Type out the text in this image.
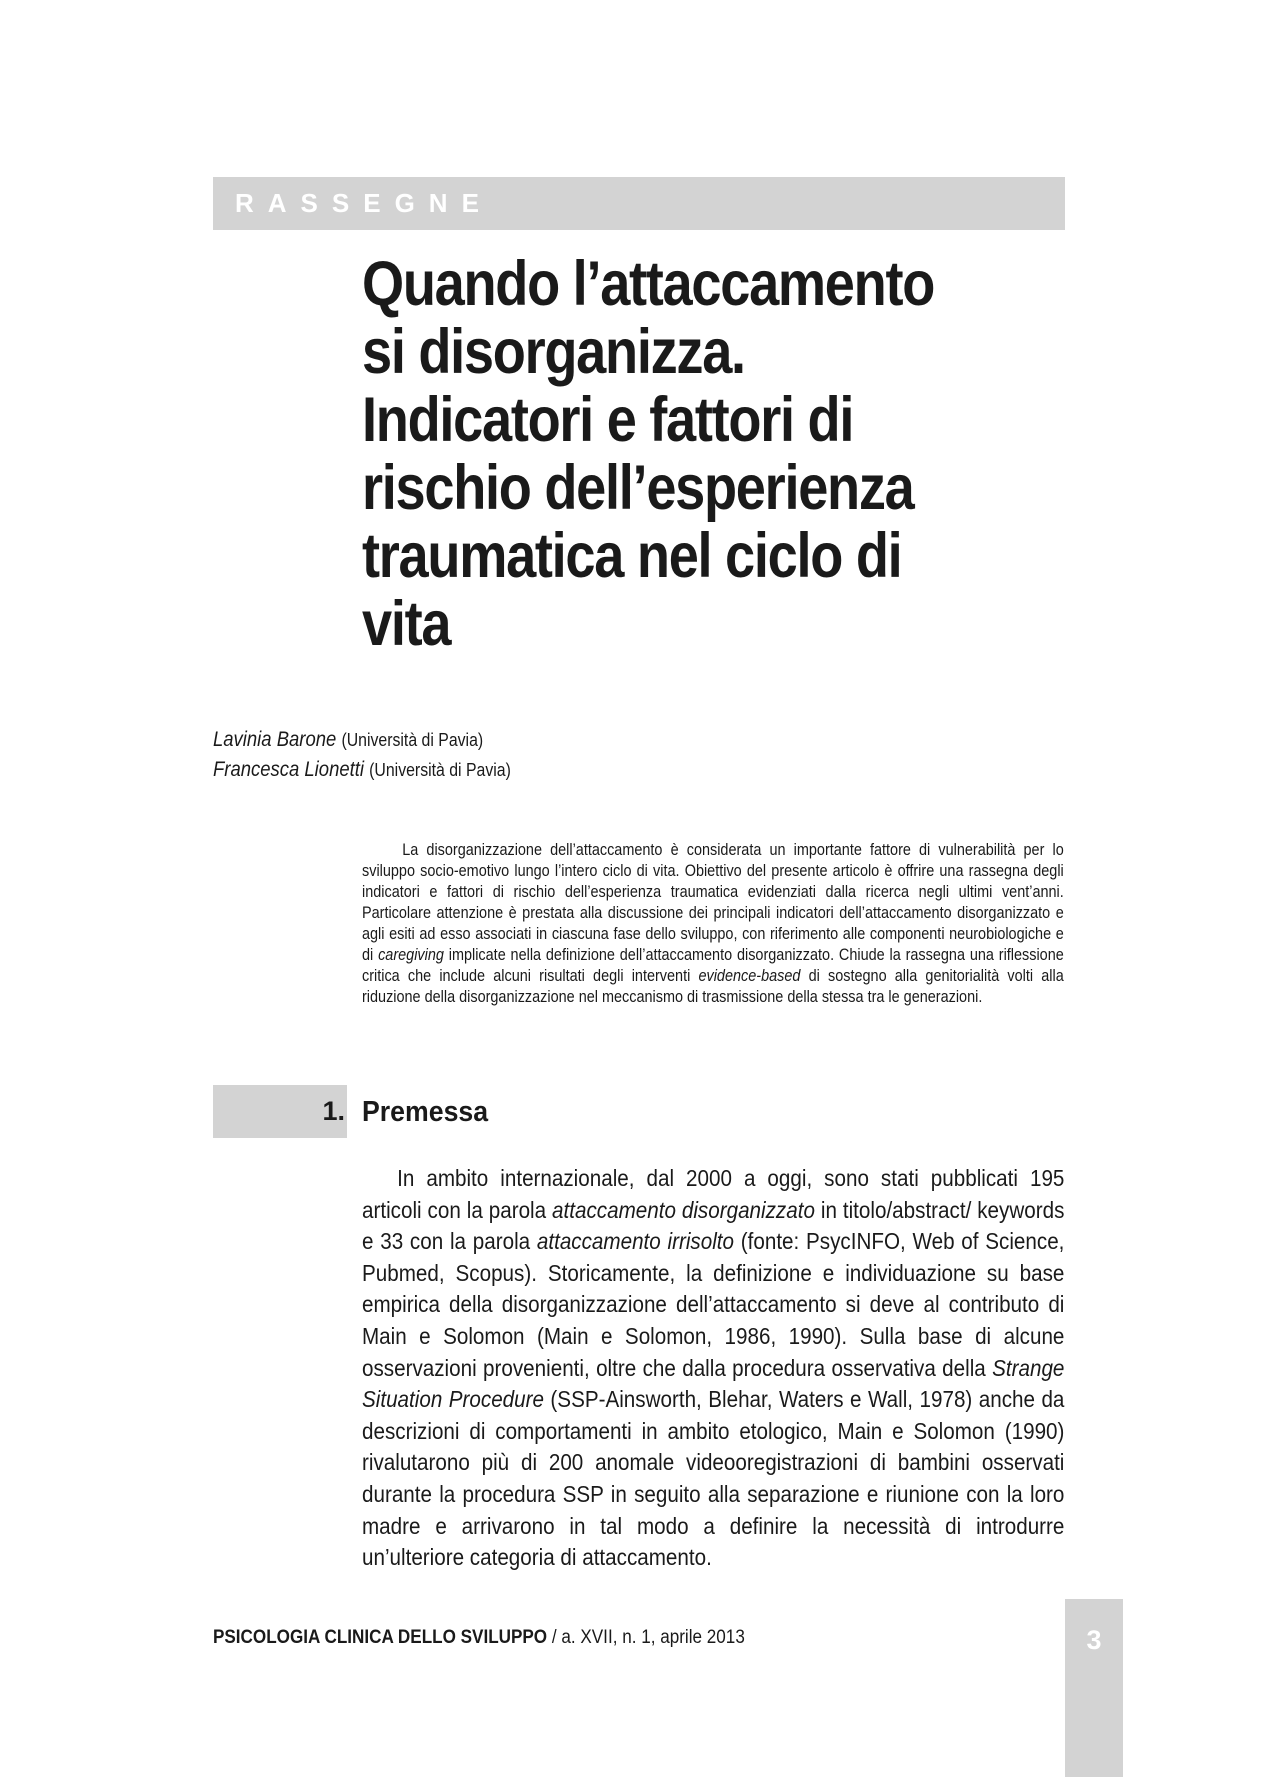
RASSEGNE
Quando l’attaccamento
si disorganizza.
Indicatori e fattori di
rischio dell’esperienza
traumatica nel ciclo di
vita
Lavinia Barone (Università di Pavia)
Francesca Lionetti (Università di Pavia)

La disorganizzazione dell’attaccamento è considerata un importante fattore di vulnerabilità per lo sviluppo socio-emotivo lungo l’intero ciclo di vita. Obiettivo del presente articolo è offrire una rassegna degli indicatori e fattori di rischio dell’esperienza traumatica evidenziati dalla ricerca negli ultimi vent’anni. Particolare attenzione è prestata alla discussione dei principali indicatori dell’attaccamento disorganizzato e agli esiti ad esso associati in ciascuna fase dello sviluppo, con riferimento alle componenti neurobiologiche e di caregiving implicate nella definizione dell’attaccamento disorganizzato. Chiude la rassegna una riflessione critica che include alcuni risultati degli interventi evidence-based di sostegno alla genitorialità volti alla riduzione della disorganizzazione nel meccanismo di trasmissione della stessa tra le generazioni.

1. Premessa

In ambito internazionale, dal 2000 a oggi, sono stati pubblicati 195 articoli con la parola attaccamento disorganizzato in titolo/abstract/ keywords e 33 con la parola attaccamento irrisolto (fonte: PsycINFO, Web of Science, Pubmed, Scopus). Storicamente, la definizione e individuazione su base empirica della disorganizzazione dell’attaccamento si deve al contributo di Main e Solomon (Main e Solomon, 1986, 1990). Sulla base di alcune osservazioni provenienti, oltre che dalla procedura osservativa della Strange Situation Procedure (SSP-Ainsworth, Blehar, Waters e Wall, 1978) anche da descrizioni di comportamenti in ambito etologico, Main e Solomon (1990) rivalutarono più di 200 anomale videooregistrazioni di bambini osservati durante la procedura SSP in seguito alla separazione e riunione con la loro madre e arrivarono in tal modo a definire la necessità di introdurre un’ulteriore categoria di attaccamento.

PSICOLOGIA CLINICA DELLO SVILUPPO / a. XVII, n. 1, aprile 2013	3
